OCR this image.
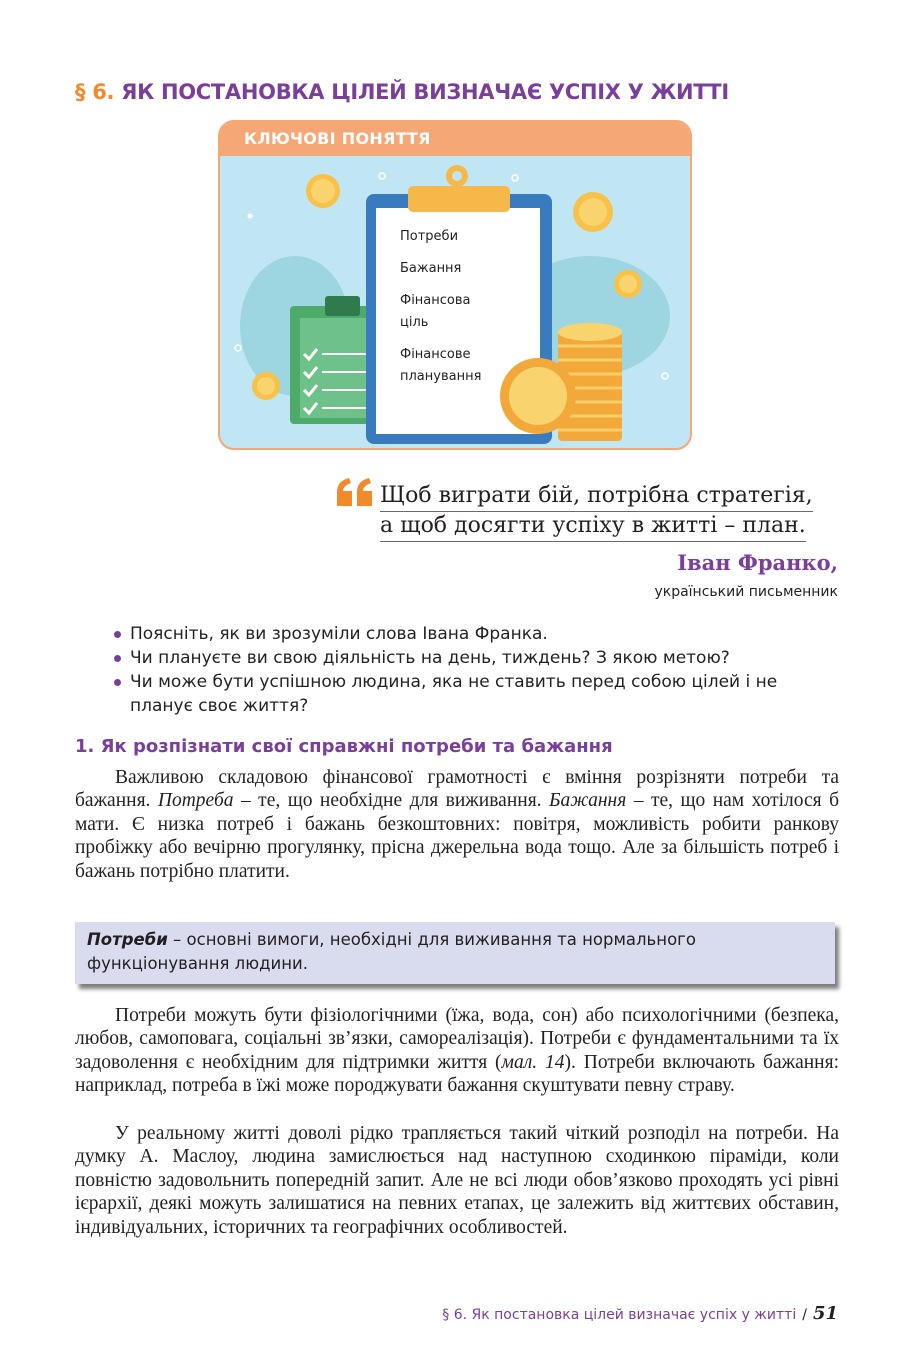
§ 6. ЯК ПОСТАНОВКА ЦІЛЕЙ ВИЗНАЧАЄ УСПІХ У ЖИТТІ
КЛЮЧОВІ ПОНЯТТЯ
Потреби
Бажання
Фінансова ціль
Фінансове планування
Щоб виграти бій, потрібна стратегія,
а щоб досягти успіху в житті – план.
Іван Франко,
український письменник
Поясніть, як ви зрозуміли слова Івана Франка.
Чи плануєте ви свою діяльність на день, тиждень? З якою метою?
Чи може бути успішною людина, яка не ставить перед собою цілей і не планує своє життя?
1. Як розпізнати свої справжні потреби та бажання

Важливою складовою фінансової грамотності є вміння розрізняти потреби та бажання. Потреба – те, що необхідне для виживання. Бажання – те, що нам хотілося б мати. Є низка потреб і бажань безкоштовних: повітря, можливість робити ранкову пробіжку або вечірню прогулянку, прісна джерельна вода тощо. Але за більшість потреб і бажань потрібно платити.

Потреби – основні вимоги, необхідні для виживання та нормального функціонування людини.

Потреби можуть бути фізіологічними (їжа, вода, сон) або психологічними (безпека, любов, самоповага, соціальні зв’язки, самореалізація). Потреби є фундаментальними та їх задоволення є необхідним для підтримки життя (мал. 14). Потреби включають бажання: наприклад, потреба в їжі може породжувати бажання скуштувати певну страву.

У реальному житті доволі рідко трапляється такий чіткий розподіл на потреби. На думку А. Маслоу, людина замислюється над наступною сходинкою піраміди, коли повністю задовольнить попередній запит. Але не всі люди обов’язково проходять усі рівні ієрархії, деякі можуть залишатися на певних етапах, це залежить від життєвих обставин, індивідуальних, історичних та географічних особливостей.

§ 6. Як постановка цілей визначає успіх у житті / 51
